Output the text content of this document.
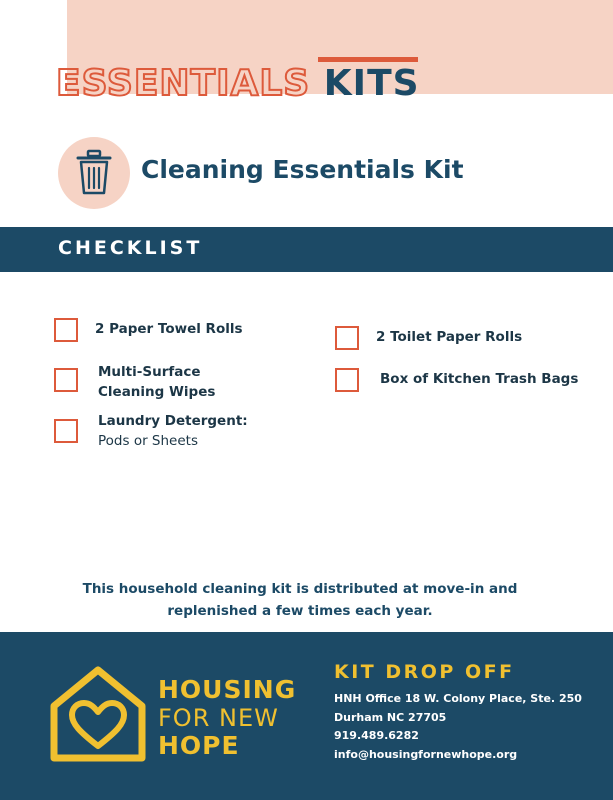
ESSENTIALS KITS
Cleaning Essentials Kit
CHECKLIST
2 Paper Towel Rolls
Multi-Surface
Cleaning Wipes
Laundry Detergent:
Pods or Sheets
2 Toilet Paper Rolls
Box of Kitchen Trash Bags
This household cleaning kit is distributed at move-in and replenished a few times each year.
HOUSING
FOR NEW
HOPE
KIT DROP OFF
HNH Office 18 W. Colony Place, Ste. 250
Durham NC 27705
919.489.6282
info@housingfornewhope.org
